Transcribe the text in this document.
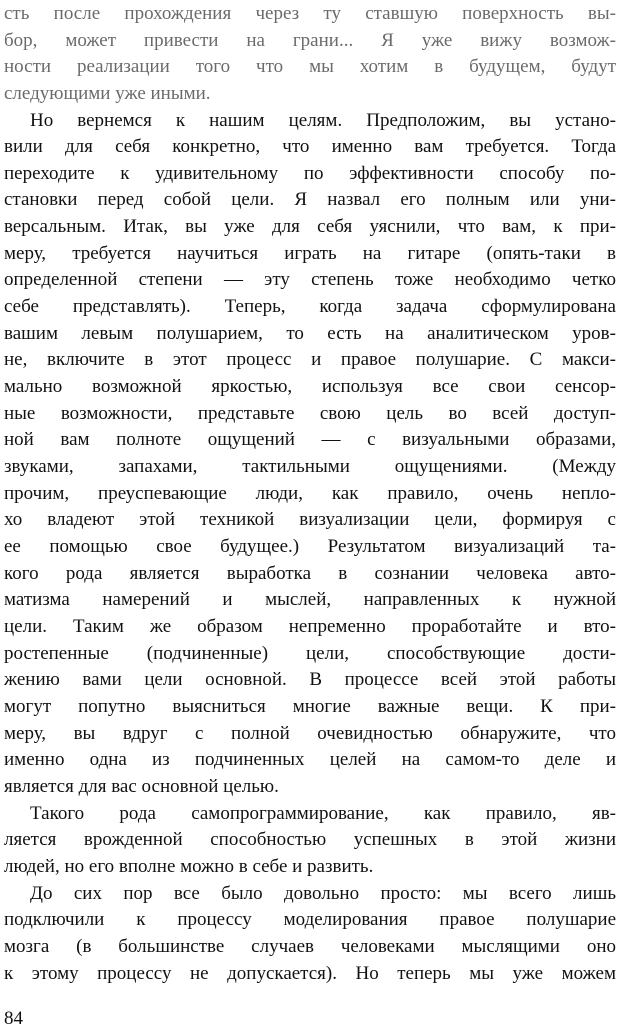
сть после прохождения через ту ставшую поверхность вы-
бор, может привести на грани... Я уже вижу возмож-
ности реализации того что мы хотим в будущем, будут
следующими уже иными.
Но вернемся к нашим целям. Предположим, вы устано-
вили для себя конкретно, что именно вам требуется. Тогда
переходите к удивительному по эффективности способу по-
становки перед собой цели. Я назвал его полным или уни-
версальным. Итак, вы уже для себя уяснили, что вам, к при-
меру, требуется научиться играть на гитаре (опять-таки в
определенной степени — эту степень тоже необходимо четко
себе представлять). Теперь, когда задача сформулирована
вашим левым полушарием, то есть на аналитическом уров-
не, включите в этот процесс и правое полушарие. С макси-
мально возможной яркостью, используя все свои сенсор-
ные возможности, представьте свою цель во всей доступ-
ной вам полноте ощущений — с визуальными образами,
звуками, запахами, тактильными ощущениями. (Между
прочим, преуспевающие люди, как правило, очень непло-
хо владеют этой техникой визуализации цели, формируя с
ее помощью свое будущее.) Результатом визуализаций та-
кого рода является выработка в сознании человека авто-
матизма намерений и мыслей, направленных к нужной
цели. Таким же образом непременно проработайте и вто-
ростепенные (подчиненные) цели, способствующие дости-
жению вами цели основной. В процессе всей этой работы
могут попутно выясниться многие важные вещи. К при-
меру, вы вдруг с полной очевидностью обнаружите, что
именно одна из подчиненных целей на самом-то деле и
является для вас основной целью.
Такого рода самопрограммирование, как правило, яв-
ляется врожденной способностью успешных в этой жизни
людей, но его вполне можно в себе и развить.
До сих пор все было довольно просто: мы всего лишь
подключили к процессу моделирования правое полушарие
мозга (в большинстве случаев человеками мыслящими оно
к этому процессу не допускается). Но теперь мы уже можем
84
